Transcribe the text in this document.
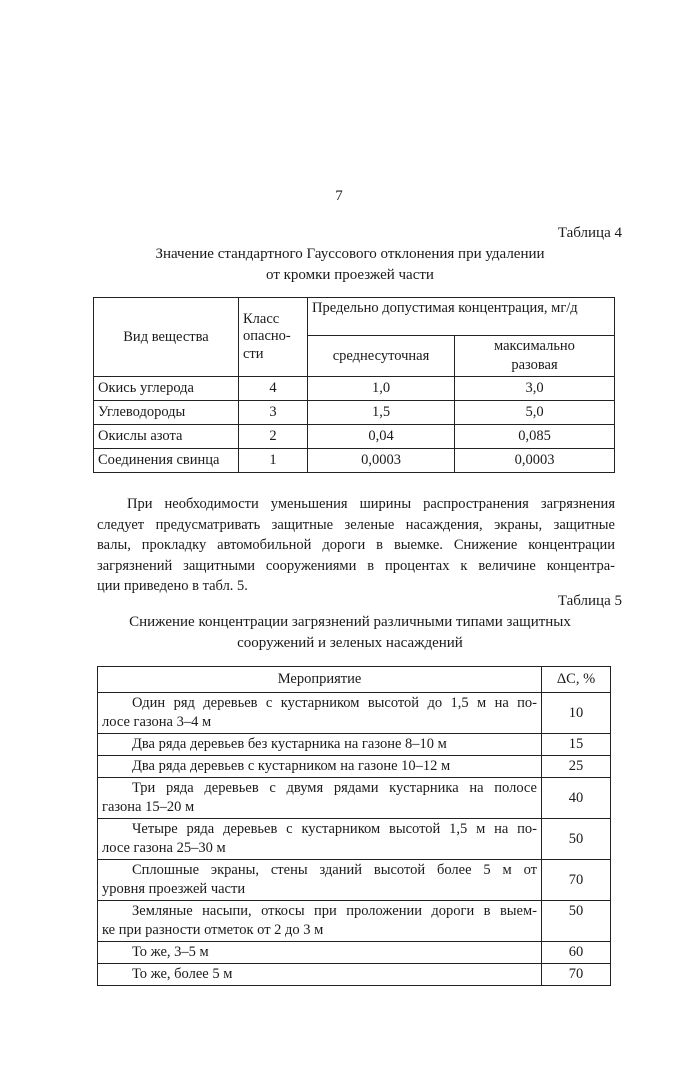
7
Таблица 4
Значение стандартного Гауссового отклонения при удалении
от кромки проезжей части
Вид вещества	Класс
опасно-
сти	Предельно допустимая концентрация, мг/д	
		среднесуточная	максимально
разовая

Окись углерода	4	1,0	3,0
Углеводороды	3	1,5	5,0
Окислы азота	2	0,04	0,085
Соединения свинца	1	0,0003	0,0003
При необходимости уменьшения ширины распространения загрязнения
следует предусматривать защитные зеленые насаждения, экраны, защитные
валы, прокладку автомобильной дороги в выемке. Снижение концентрации
загрязнений защитными сооружениями в процентах к величине концентра-
ции приведено в табл. 5.
Таблица 5
Снижение концентрации загрязнений различными типами защитных
сооружений и зеленых насаждений
Мероприятие	ΔC, %

Один ряд деревьев с кустарником высотой до 1,5 м на по-
лосе газона 3–4 м	10
Два ряда деревьев без кустарника на газоне 8–10 м	15
Два ряда деревьев с кустарником на газоне 10–12 м	25

Три ряда деревьев с двумя рядами кустарника на полосе
газона 15–20 м	40

Четыре ряда деревьев с кустарником высотой 1,5 м на по-
лосе газона 25–30 м	50

Сплошные экраны, стены зданий высотой более 5 м от
уровня проезжей части	70

Земляные насыпи, откосы при проложении дороги в выем-
ке при разности отметок от 2 до 3 м	50
То же, 3–5 м	60
То же, более 5 м	70
